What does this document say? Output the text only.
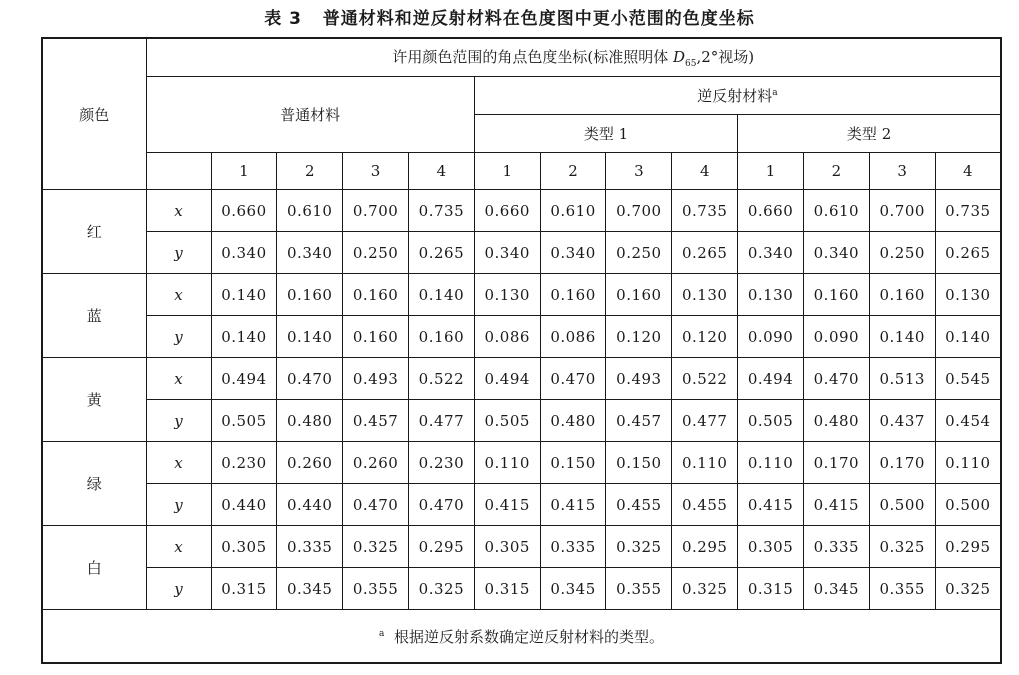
表 3   普通材料和逆反射材料在色度图中更小范围的色度坐标
颜色	许用颜色范围的角点色度坐标(标准照明体 $D_{65},2^\circ$视场)												
	普通材料					逆反射材料$^a$
						类型 1				类型 2			
		1	2	3	4	1	2	3	4	1	2	3	4
红	x	0.660	0.610	0.700	0.735	0.660	0.610	0.700	0.735	0.660	0.610	0.700	0.735
	y	0.340	0.340	0.250	0.265	0.340	0.340	0.250	0.265	0.340	0.340	0.250	0.265
蓝	x	0.140	0.160	0.160	0.140	0.130	0.160	0.160	0.130	0.130	0.160	0.160	0.130
	y	0.140	0.140	0.160	0.160	0.086	0.086	0.120	0.120	0.090	0.090	0.140	0.140
黄	x	0.494	0.470	0.493	0.522	0.494	0.470	0.493	0.522	0.494	0.470	0.513	0.545
	y	0.505	0.480	0.457	0.477	0.505	0.480	0.457	0.477	0.505	0.480	0.437	0.454
绿	x	0.230	0.260	0.260	0.230	0.110	0.150	0.150	0.110	0.110	0.170	0.170	0.110
	y	0.440	0.440	0.470	0.470	0.415	0.415	0.455	0.455	0.415	0.415	0.500	0.500
白	x	0.305	0.335	0.325	0.295	0.305	0.335	0.325	0.295	0.305	0.335	0.325	0.295
	y	0.315	0.345	0.355	0.325	0.315	0.345	0.355	0.325	0.315	0.345	0.355	0.325
$^a$ 根据逆反射系数确定逆反射材料的类型。													
